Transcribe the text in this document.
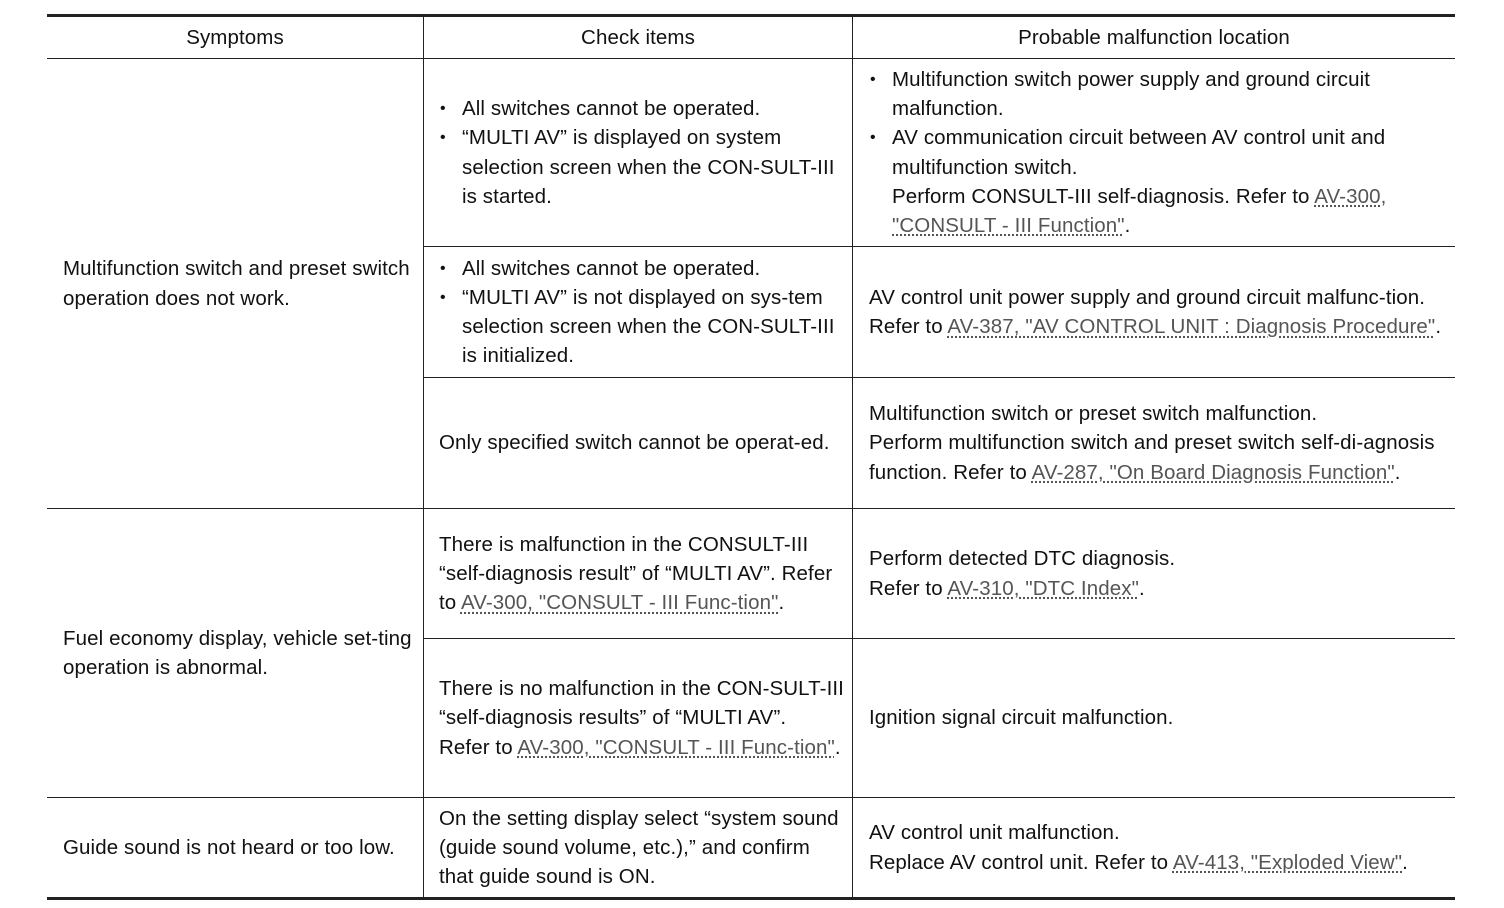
Symptoms	Check items	Probable malfunction location
Multifunction switch and preset switch operation does not work.
• All switches cannot be operated.
• “MULTI AV” is displayed on system selection screen when the CON-SULT-III is started.
• Multifunction switch power supply and ground circuit malfunction.
• AV communication circuit between AV control unit and multifunction switch.
Perform CONSULT-III self-diagnosis. Refer to AV-300, "CONSULT - III Function".
• All switches cannot be operated.
• “MULTI AV” is not displayed on sys-tem selection screen when the CON-SULT-III is initialized.
AV control unit power supply and ground circuit malfunc-tion. Refer to AV-387, "AV CONTROL UNIT : Diagnosis Procedure".
Only specified switch cannot be operat-ed.
Multifunction switch or preset switch malfunction.
Perform multifunction switch and preset switch self-di-agnosis function. Refer to AV-287, "On Board Diagnosis Function".
Fuel economy display, vehicle set-ting operation is abnormal.
There is malfunction in the CONSULT-III “self-diagnosis result” of “MULTI AV”. Refer to AV-300, "CONSULT - III Func-tion".
Perform detected DTC diagnosis.
Refer to AV-310, "DTC Index".
There is no malfunction in the CON-SULT-III “self-diagnosis results” of “MULTI AV”.
Refer to AV-300, "CONSULT - III Func-tion".
Ignition signal circuit malfunction.
Guide sound is not heard or too low.
On the setting display select “system sound (guide sound volume, etc.),” and confirm that guide sound is ON.
AV control unit malfunction.
Replace AV control unit. Refer to AV-413, "Exploded View".
